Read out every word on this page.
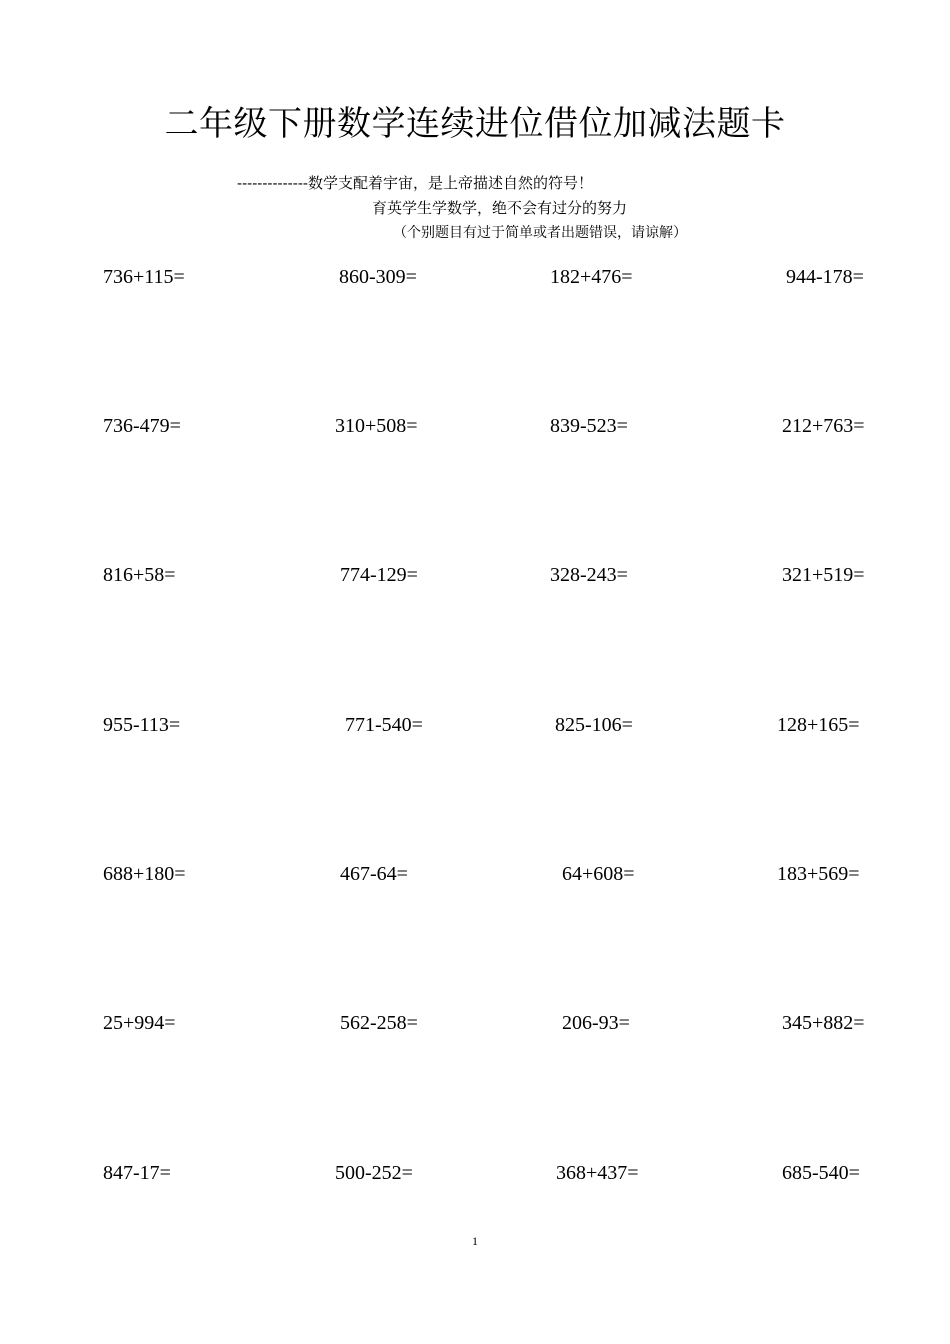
二年级下册数学连续进位借位加减法题卡
--------------数学支配着宇宙，是上帝描述自然的符号！
育英学生学数学，绝不会有过分的努力
（个别题目有过于简单或者出题错误，请谅解）
736+115=	860-309=	182+476=	944-178=
736-479=	310+508=	839-523=	212+763=
816+58=	774-129=	328-243=	321+519=
955-113=	771-540=	825-106=	128+165=
688+180=	467-64=	64+608=	183+569=
25+994=	562-258=	206-93=	345+882=
847-17=	500-252=	368+437=	685-540=
1
